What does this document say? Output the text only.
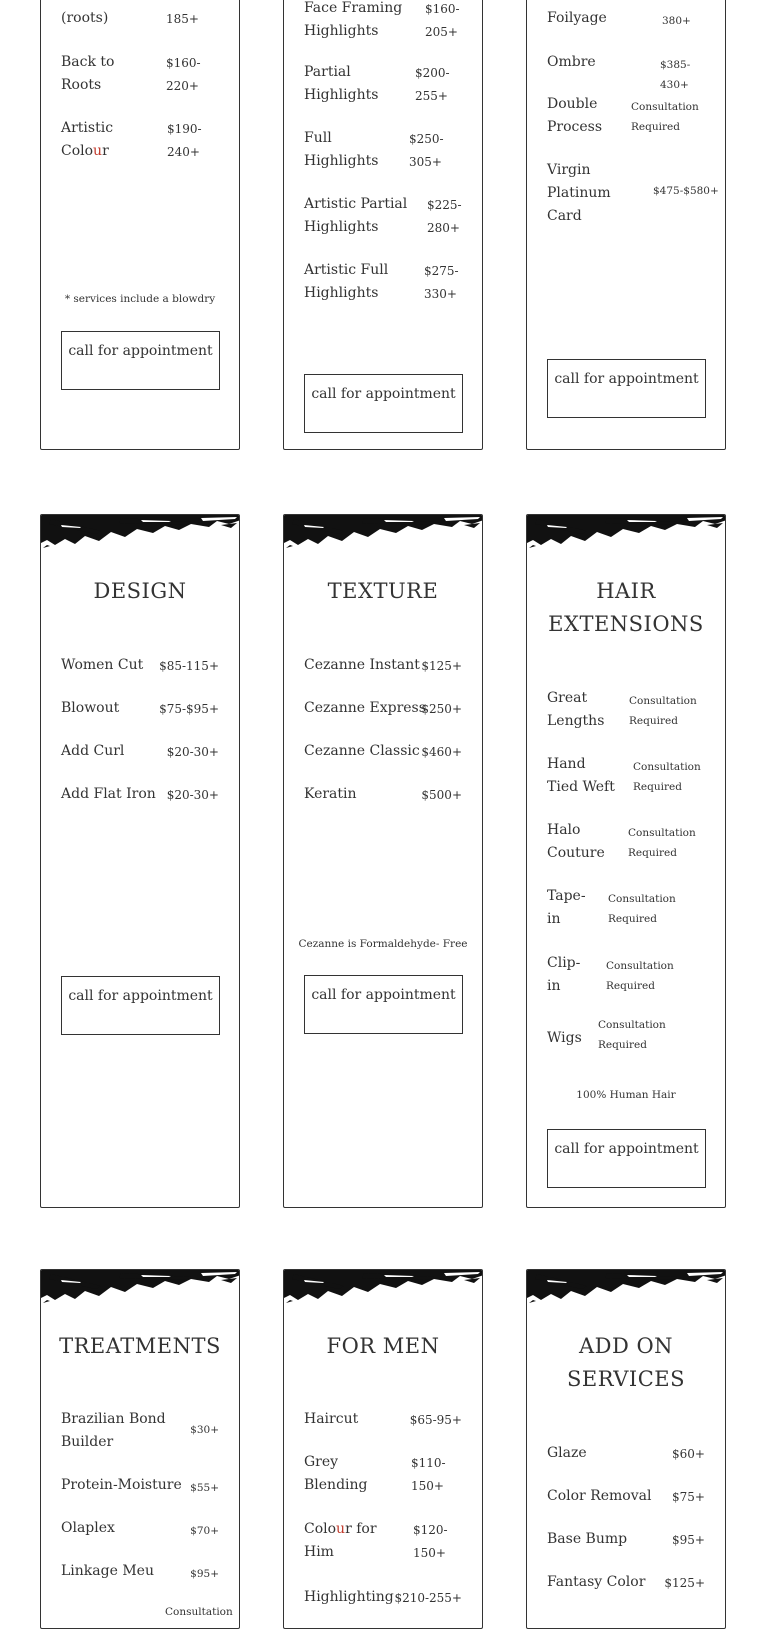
(roots)	185+
Back to
Roots
$160-
220+
Artistic
Colour
$190-
240+
* services include a blowdry
call for appointment
Face Framing
Highlights
$160-
205+
Partial
Highlights
$200-
255+
Full
Highlights
$250-
305+
Artistic Partial
Highlights
$225-
280+
Artistic Full
Highlights
$275-
330+
call for appointment
Foilyage	380+
Ombre	$385-430+
Double
Process
Consultation
Required
Virgin
Platinum
Card
$475-$580+
call for appointment
DESIGN
Women Cut $85-115+
Blowout	$75-$95+
Add Curl	$20-30+
Add Flat Iron $20-30+
call for appointment
TEXTURE
Cezanne Instant $125+
Cezanne Express
$250+
Cezanne Classic $460+
Keratin	$500+
Cezanne is Formaldehyde- Free
call for appointment
HAIR
EXTENSIONS
Great
Lengths
Consultation
Required
Hand
Tied Weft
Consultation
Required
Halo
Couture
Consultation
Required
Tape-
in
Consultation
Required
Clip-
in
Consultation
Required
Wigs
Consultation
Required
100% Human Hair
call for appointment
TREATMENTS
Brazilian Bond
Builder
$30+
Protein-Moisture $55+
Olaplex	$70+
Linkage Meu	$95+
Consultation
FOR MEN
Haircut	$65-95+
Grey
Blending
$110-
150+
Colour for
Him
$120-
150+
Highlighting $210-255+
ADD ON
SERVICES
Glaze	$60+
Color Removal $75+
Base Bump	$95+
Fantasy Color $125+
